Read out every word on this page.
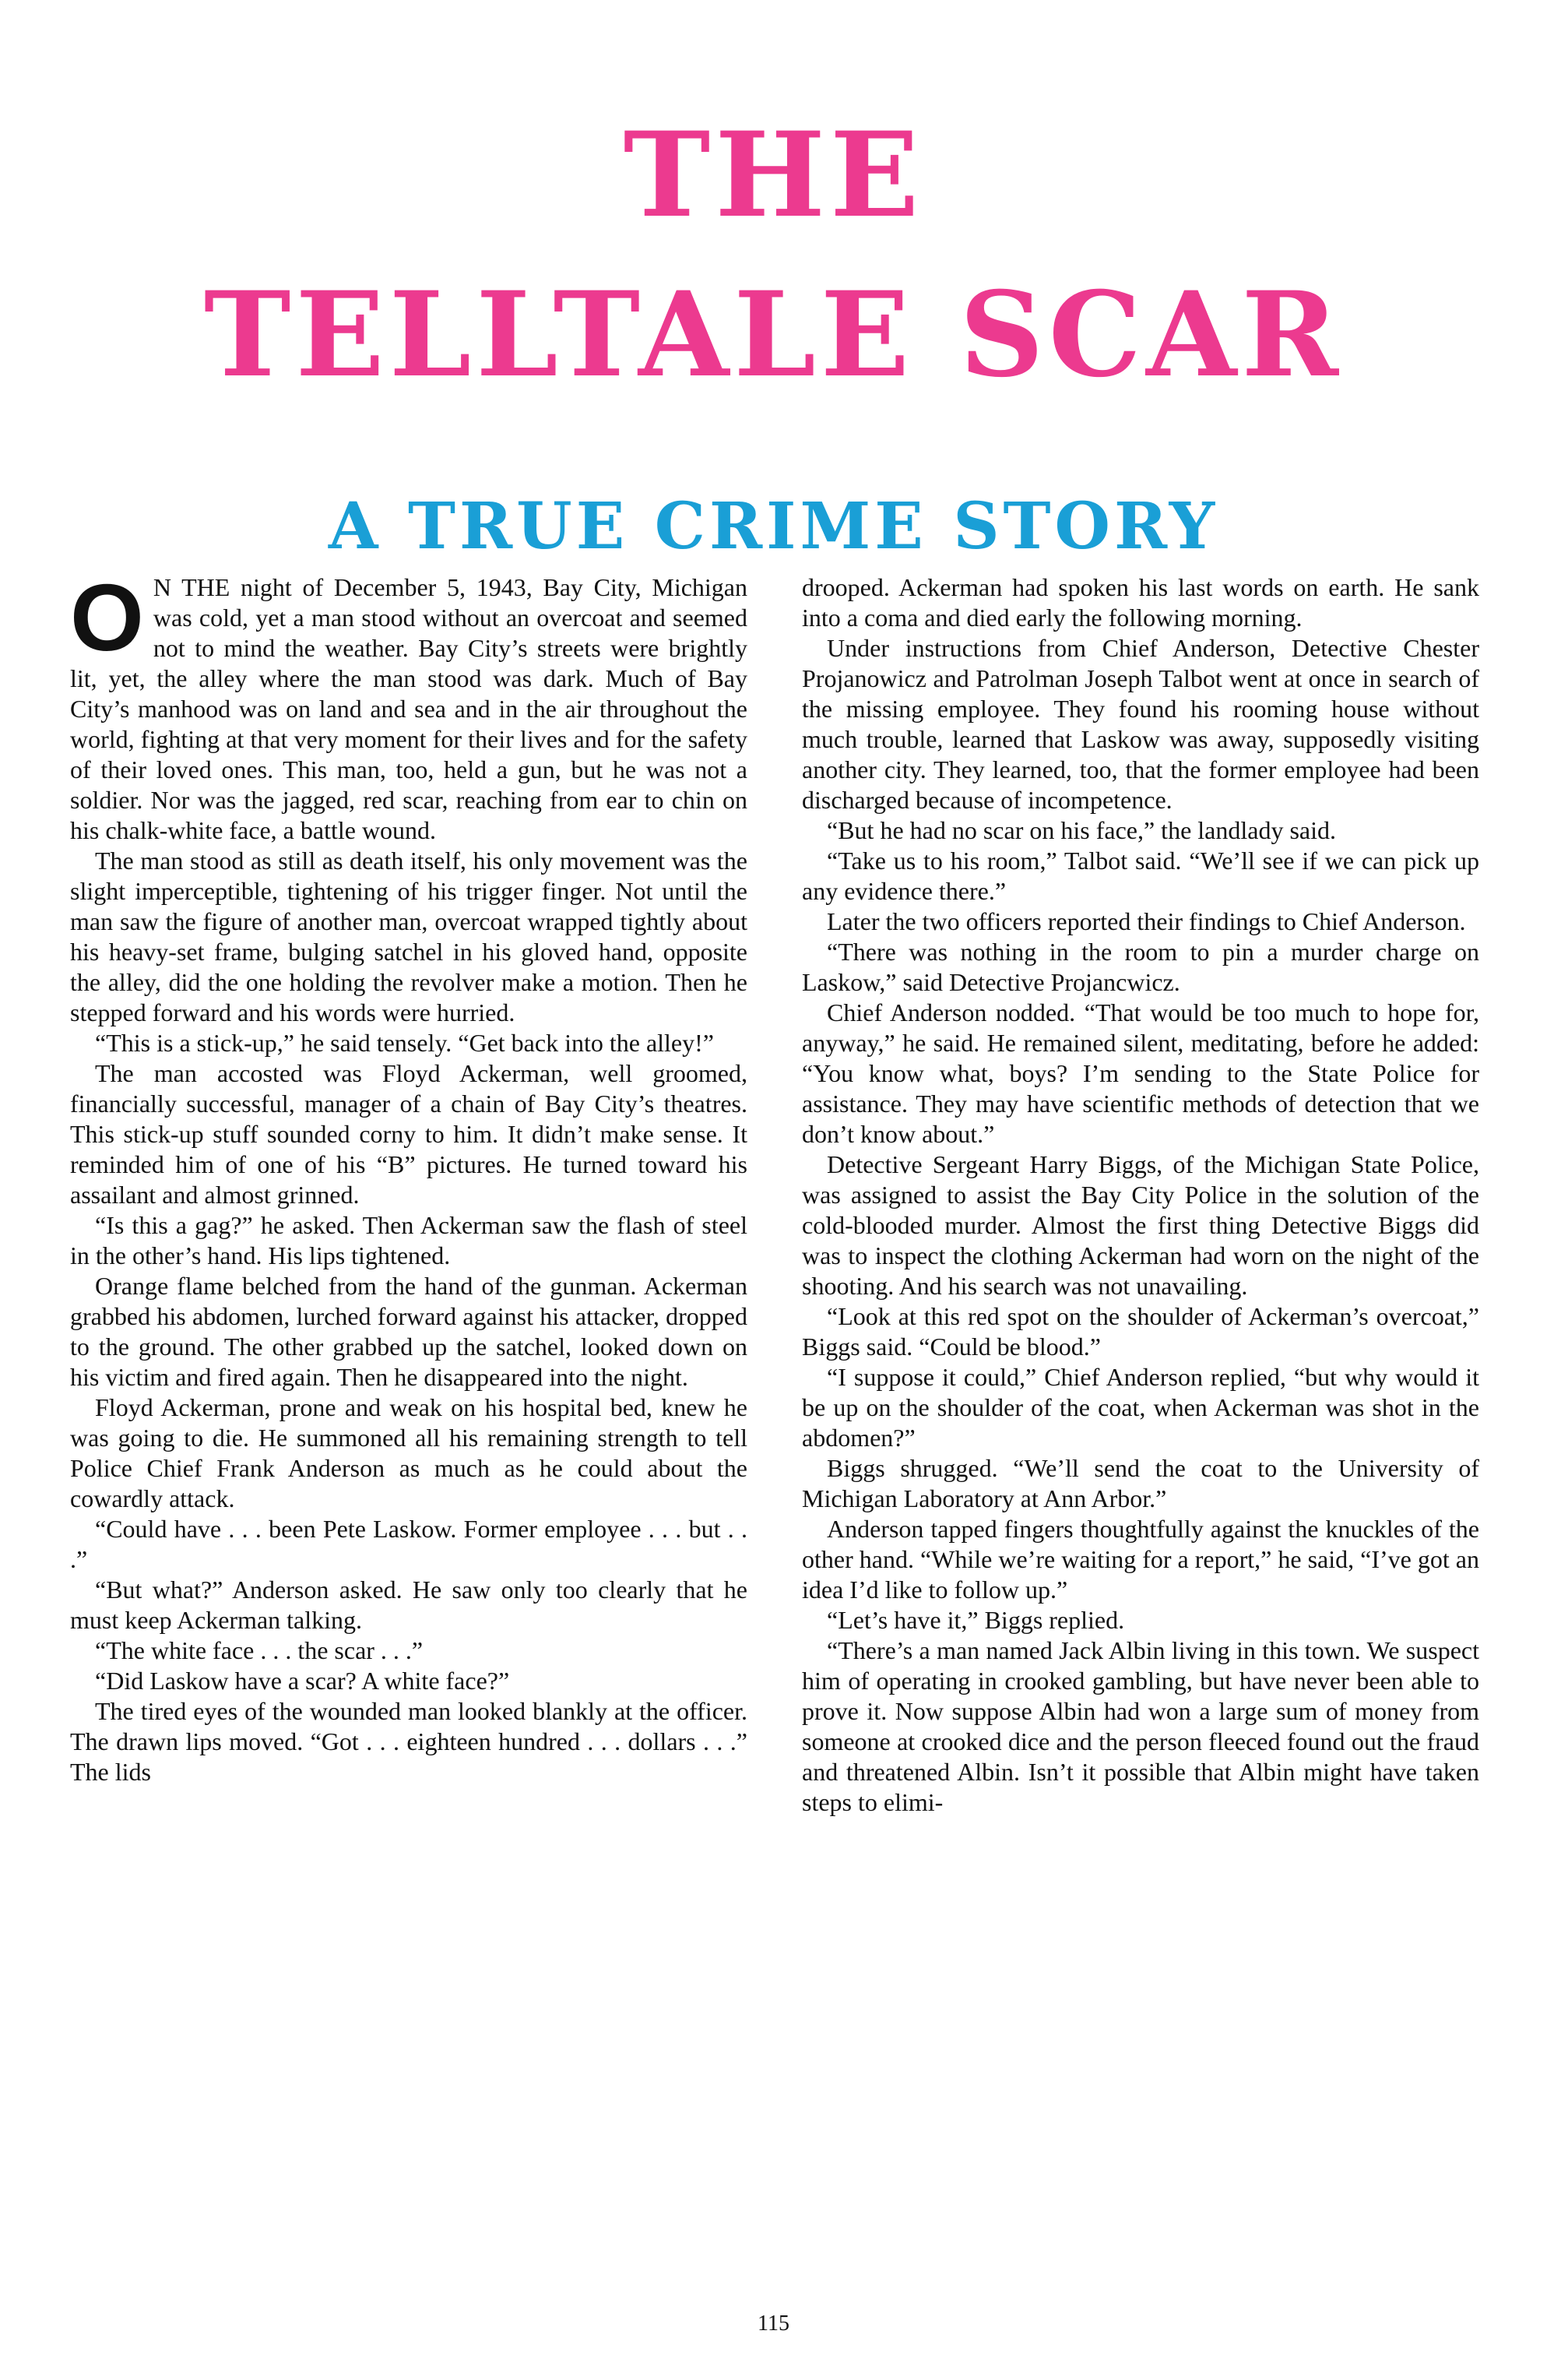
THE
TELLTALE SCAR
A TRUE CRIME STORY

O N THE night of December 5, 1943, Bay City, Michigan was cold, yet a man stood without an overcoat and seemed not to mind the weather. Bay City’s streets were brightly lit, yet, the alley where the man stood was dark. Much of Bay City’s manhood was on land and sea and in the air throughout the world, fighting at that very moment for their lives and for the safety of their loved ones. This man, too, held a gun, but he was not a soldier. Nor was the jagged, red scar, reaching from ear to chin on his chalk-white face, a battle wound.

The man stood as still as death itself, his only movement was the slight imperceptible, tightening of his trigger finger. Not until the man saw the figure of another man, overcoat wrapped tightly about his heavy-set frame, bulging satchel in his gloved hand, opposite the alley, did the one holding the revolver make a motion. Then he stepped forward and his words were hurried.

“This is a stick-up,” he said tensely. “Get back into the alley!”

The man accosted was Floyd Ackerman, well groomed, financially successful, manager of a chain of Bay City’s theatres. This stick-up stuff sounded corny to him. It didn’t make sense. It reminded him of one of his “B” pictures. He turned toward his assailant and almost grinned.

“Is this a gag?” he asked. Then Ackerman saw the flash of steel in the other’s hand. His lips tightened.

Orange flame belched from the hand of the gunman. Ackerman grabbed his abdomen, lurched forward against his attacker, dropped to the ground. The other grabbed up the satchel, looked down on his victim and fired again. Then he disappeared into the night.

Floyd Ackerman, prone and weak on his hospital bed, knew he was going to die. He summoned all his remaining strength to tell Police Chief Frank Anderson as much as he could about the cowardly attack.

“Could have . . . been Pete Laskow. Former employee . . . but . . .”

“But what?” Anderson asked. He saw only too clearly that he must keep Ackerman talking.

“The white face . . . the scar . . .”

“Did Laskow have a scar? A white face?”

The tired eyes of the wounded man looked blankly at the officer. The drawn lips moved. “Got . . . eighteen hundred . . . dollars . . .” The lids

drooped. Ackerman had spoken his last words on earth. He sank into a coma and died early the following morning.

Under instructions from Chief Anderson, Detective Chester Projanowicz and Patrolman Joseph Talbot went at once in search of the missing employee. They found his rooming house without much trouble, learned that Laskow was away, supposedly visiting another city. They learned, too, that the former employee had been discharged because of incompetence.

“But he had no scar on his face,” the landlady said.

“Take us to his room,” Talbot said. “We’ll see if we can pick up any evidence there.”

Later the two officers reported their findings to Chief Anderson.

“There was nothing in the room to pin a murder charge on Laskow,” said Detective Projancwicz.

Chief Anderson nodded. “That would be too much to hope for, anyway,” he said. He remained silent, meditating, before he added: “You know what, boys? I’m sending to the State Police for assistance. They may have scientific methods of detection that we don’t know about.”

Detective Sergeant Harry Biggs, of the Michigan State Police, was assigned to assist the Bay City Police in the solution of the cold-blooded murder. Almost the first thing Detective Biggs did was to inspect the clothing Ackerman had worn on the night of the shooting. And his search was not unavailing.

“Look at this red spot on the shoulder of Ackerman’s overcoat,” Biggs said. “Could be blood.”

“I suppose it could,” Chief Anderson replied, “but why would it be up on the shoulder of the coat, when Ackerman was shot in the abdomen?”

Biggs shrugged. “We’ll send the coat to the University of Michigan Laboratory at Ann Arbor.”

Anderson tapped fingers thoughtfully against the knuckles of the other hand. “While we’re waiting for a report,” he said, “I’ve got an idea I’d like to follow up.”

“Let’s have it,” Biggs replied.

“There’s a man named Jack Albin living in this town. We suspect him of operating in crooked gambling, but have never been able to prove it. Now suppose Albin had won a large sum of money from someone at crooked dice and the person fleeced found out the fraud and threatened Albin. Isn’t it possible that Albin might have taken steps to elimi-

115
